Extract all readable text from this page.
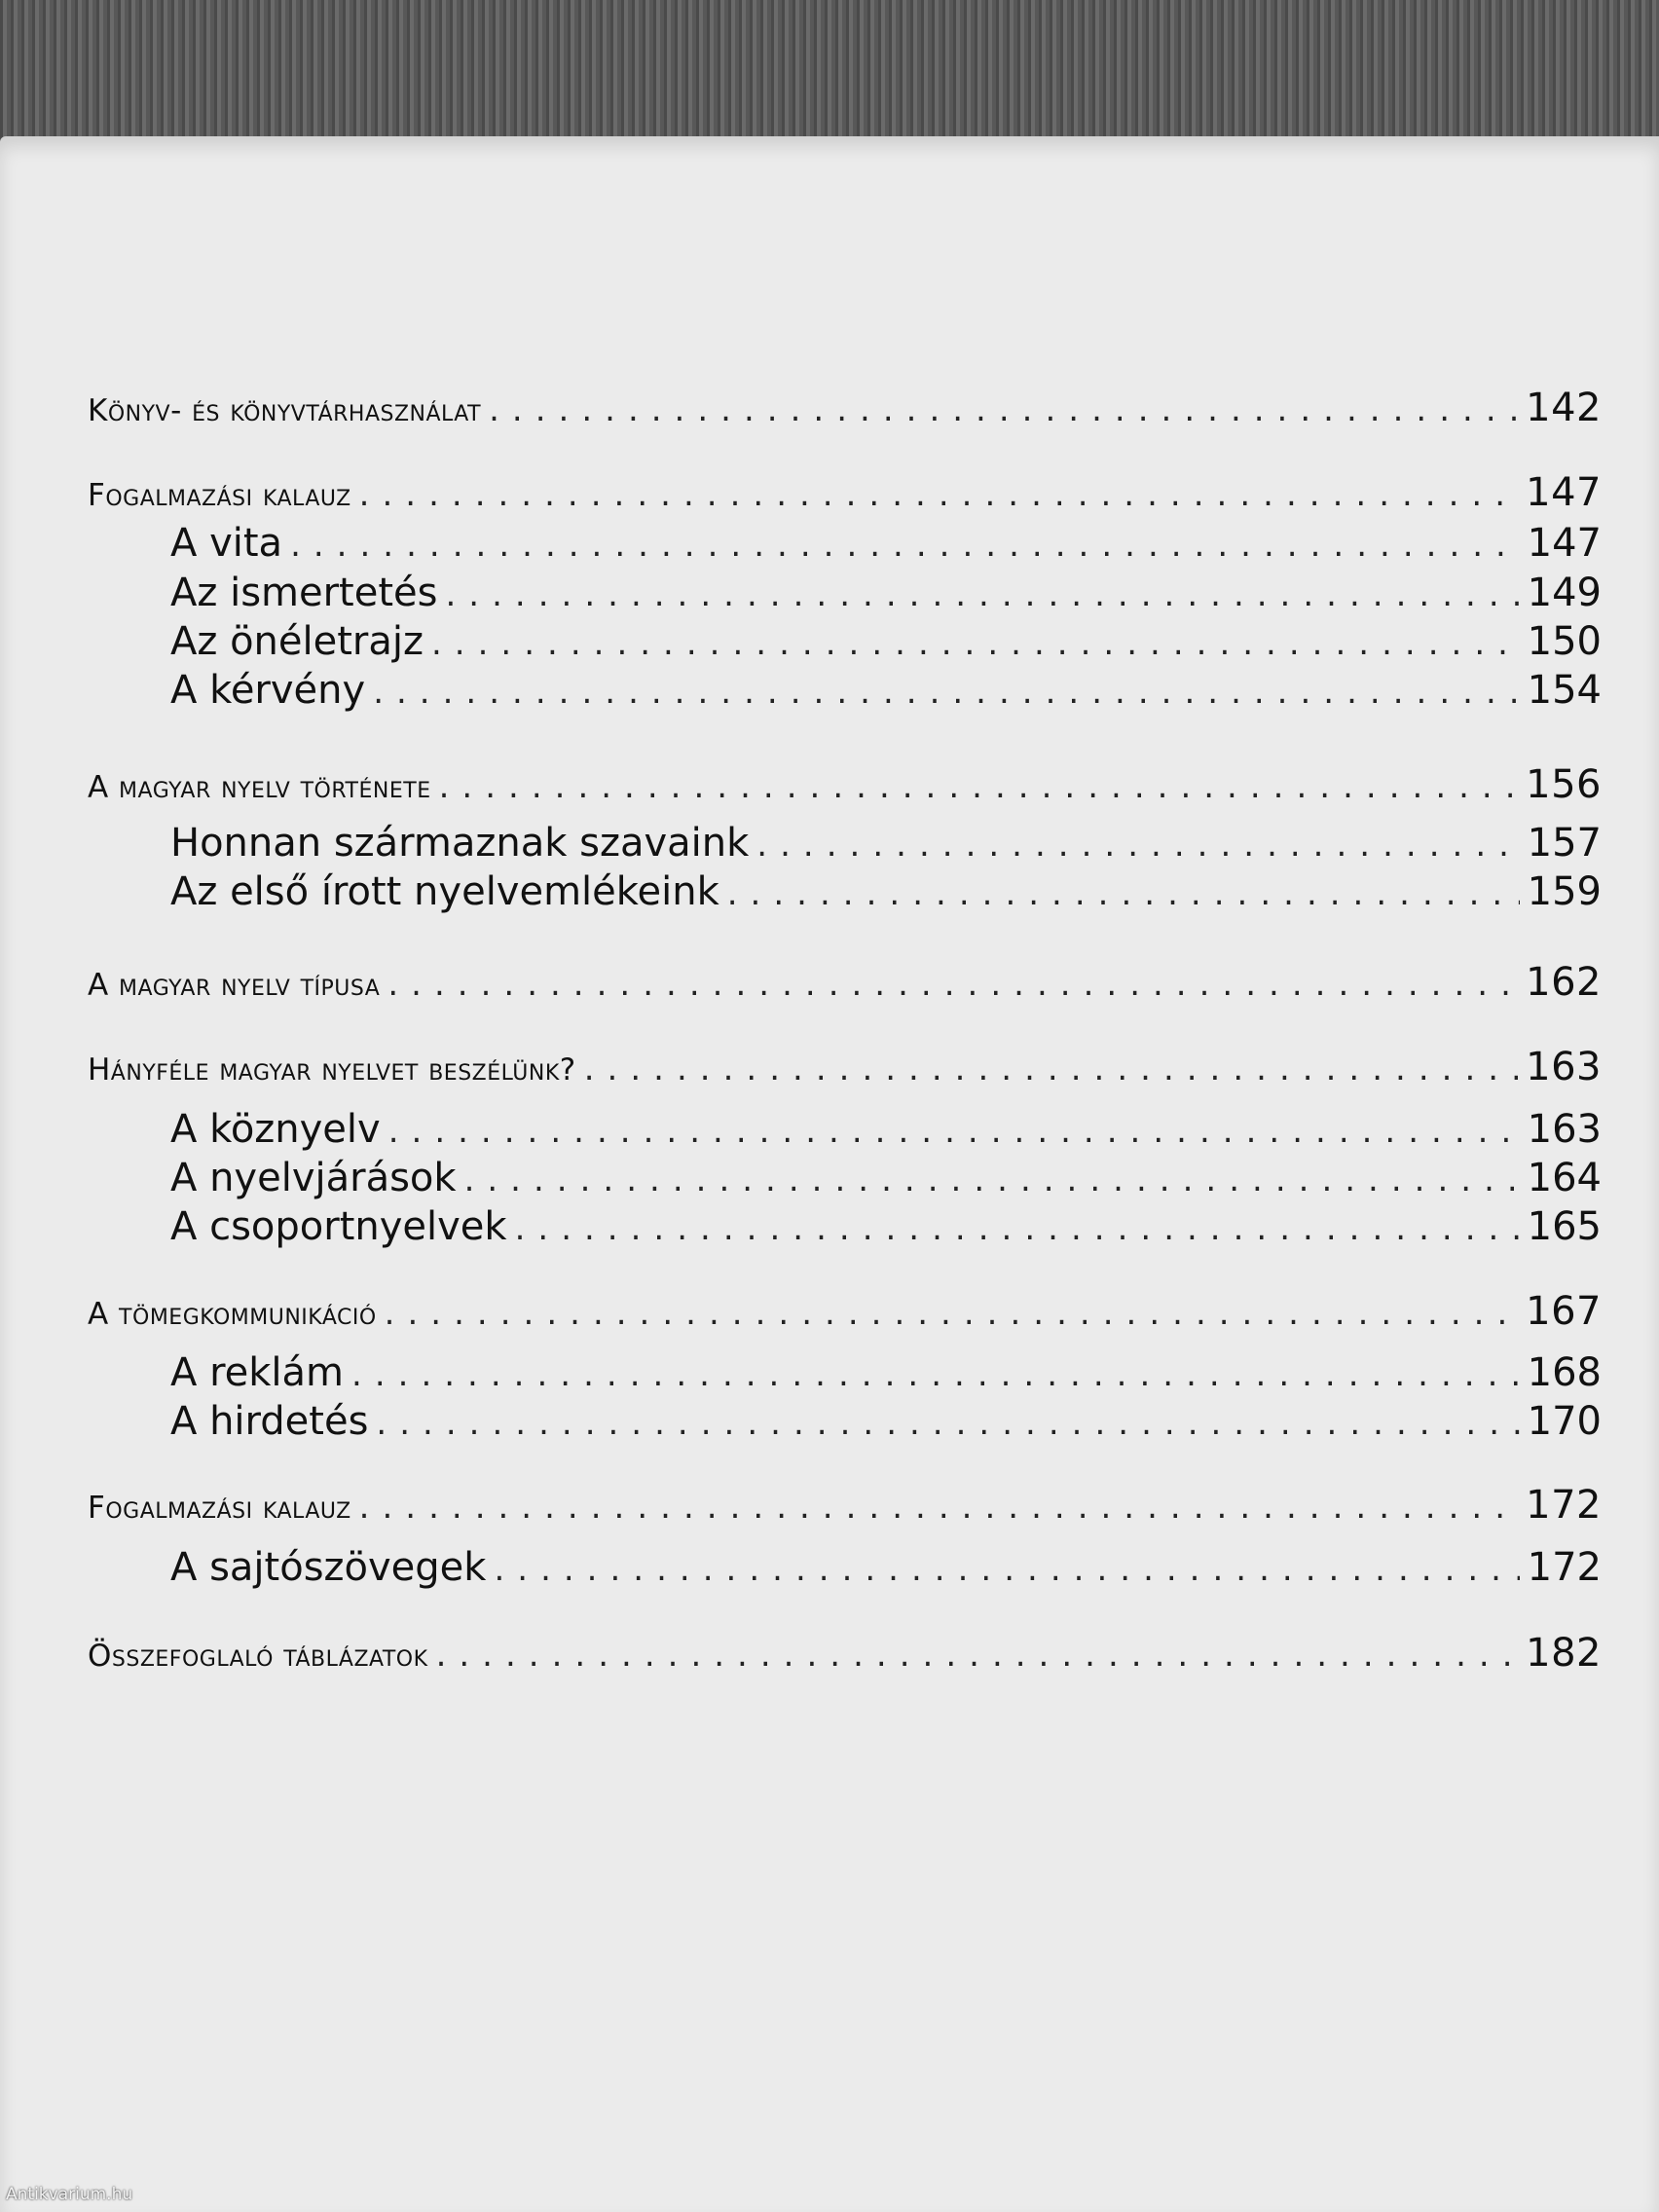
Könyv- és könyvtárhasználat .....	142
Fogalmazási kalauz .....	147
A vita .....	147
Az ismertetés .....	149
Az önéletrajz .....	150
A kérvény .....	154
A magyar nyelv története .....	156
Honnan származnak szavaink .....	157
Az első írott nyelvemlékeink .....	159
A magyar nyelv típusa .....	162
Hányféle magyar nyelvet beszélünk? .....	163
A köznyelv .....	163
A nyelvjárások .....	164
A csoportnyelvek .....	165
A tömegkommunikáció .....	167
A reklám .....	168
A hirdetés .....	170
Fogalmazási kalauz .....	172
A sajtószövegek .....	172
Összefoglaló táblázatok .....	182
Antikvarium.hu
